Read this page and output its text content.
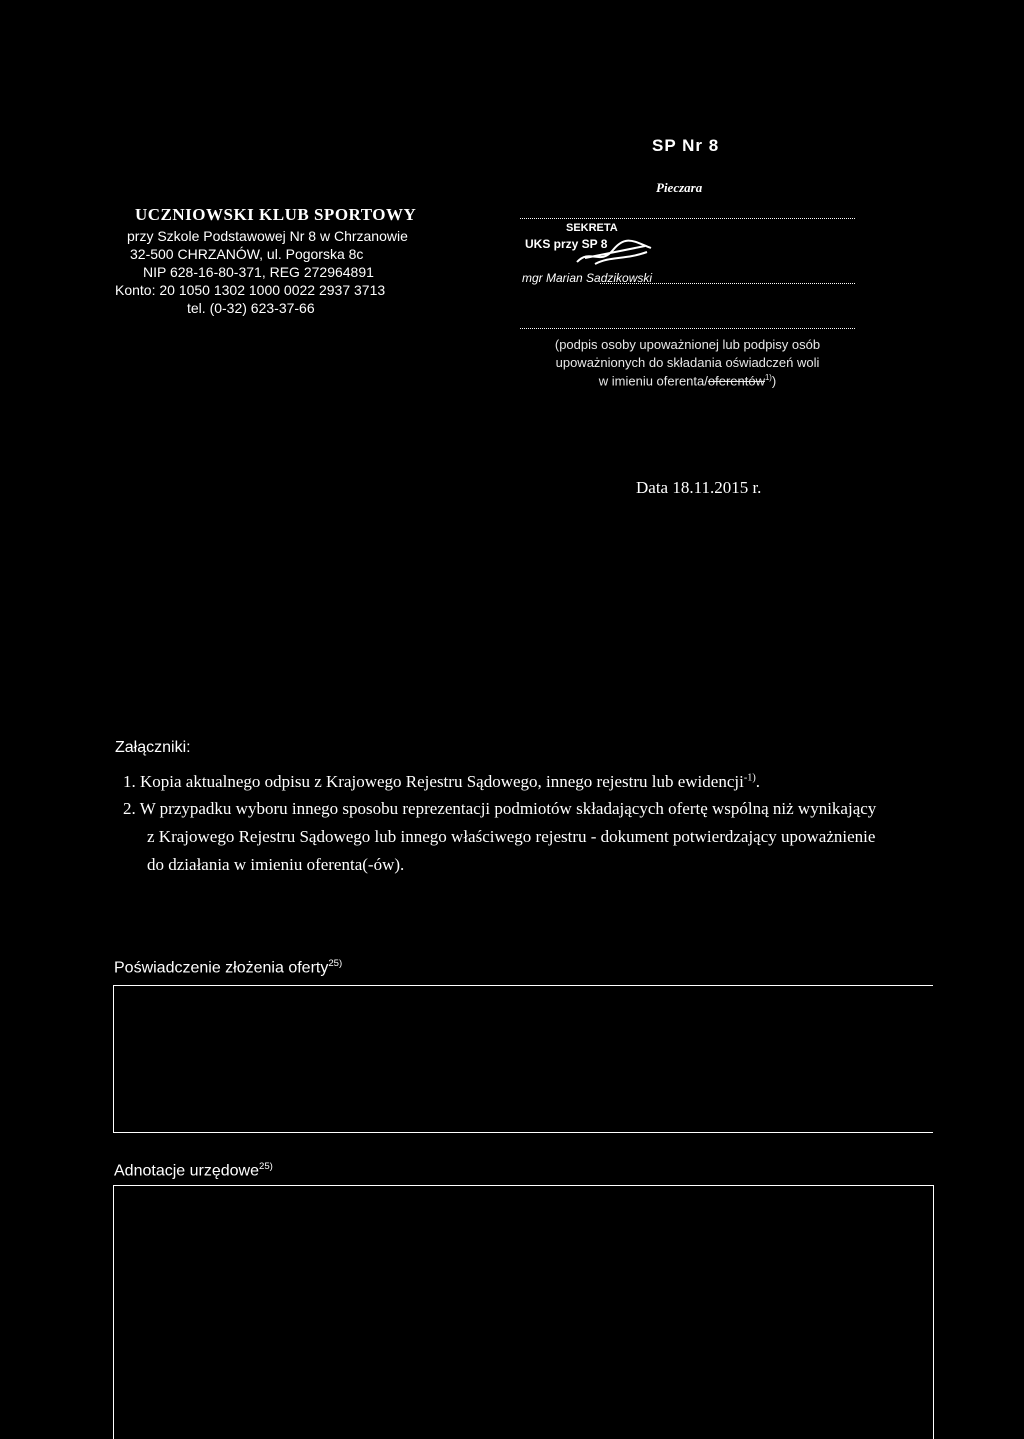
SP Nr 8
Pieczara
UCZNIOWSKI KLUB SPORTOWY
przy Szkole Podstawowej Nr 8 w Chrzanowie
32-500 CHRZANÓW, ul. Pogorska 8c
NIP 628-16-80-371, REG 272964891
Konto: 20 1050 1302 1000 0022 2937 3713
tel. (0-32) 623-37-66
SEKRETA
UKS przy SP 8
mgr Marian Sadzikowski
(podpis osoby upoważnionej lub podpisy osób
upoważnionych do składania oświadczeń woli
w imieniu oferenta/oferentów$^{1)}$)
Data 18.11.2015 r.
Załączniki:
1. Kopia aktualnego odpisu z Krajowego Rejestru Sądowego, innego rejestru lub ewidencji$^{-1)}$.
2. W przypadku wyboru innego sposobu reprezentacji podmiotów składających ofertę wspólną niż wynikający
z Krajowego Rejestru Sądowego lub innego właściwego rejestru - dokument potwierdzający upoważnienie
do działania w imieniu oferenta(-ów).
Poświadczenie złożenia oferty$^{25)}$
Adnotacje urzędowe$^{25)}$
